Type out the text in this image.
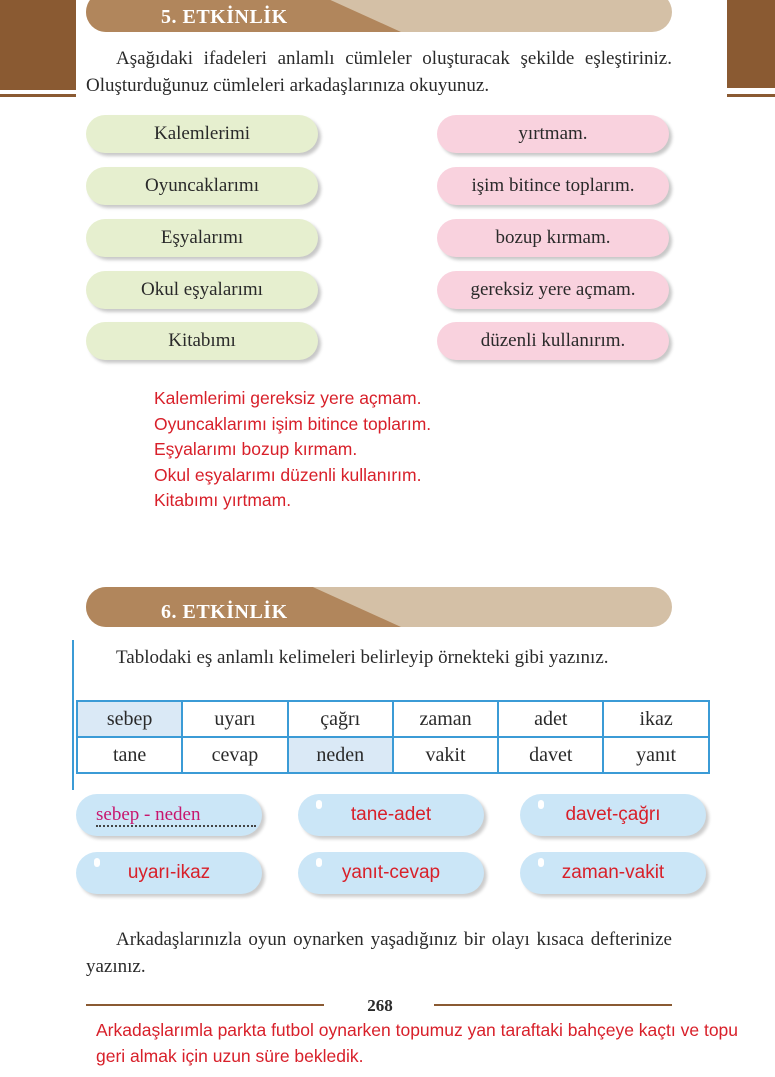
5. ETKİNLİK
Aşağıdaki ifadeleri anlamlı cümleler oluşturacak şekilde eşleştiriniz. Oluşturduğunuz cümleleri arkadaşlarınıza okuyunuz.
Kalemlerimi
Oyuncaklarımı
Eşyalarımı
Okul eşyalarımı
Kitabımı
yırtmam.
işim bitince toplarım.
bozup kırmam.
gereksiz yere açmam.
düzenli kullanırım.
Kalemlerimi gereksiz yere açmam.
Oyuncaklarımı işim bitince toplarım.
Eşyalarımı bozup kırmam.
Okul eşyalarımı düzenli kullanırım.
Kitabımı yırtmam.
6. ETKİNLİK
Tablodaki eş anlamlı kelimeleri belirleyip örnekteki gibi yazınız.
sebep	uyarı	çağrı	zaman	adet	ikaz
tane	cevap	neden	vakit	davet	yanıt
sebep - neden	tane-adet	davet-çağrı
uyarı-ikaz	yanıt-cevap	zaman-vakit
Arkadaşlarınızla oyun oynarken yaşadığınız bir olayı kısaca defterinize yazınız.
268
Arkadaşlarımla parkta futbol oynarken topumuz yan taraftaki bahçeye kaçtı ve topu geri almak için uzun süre bekledik.
